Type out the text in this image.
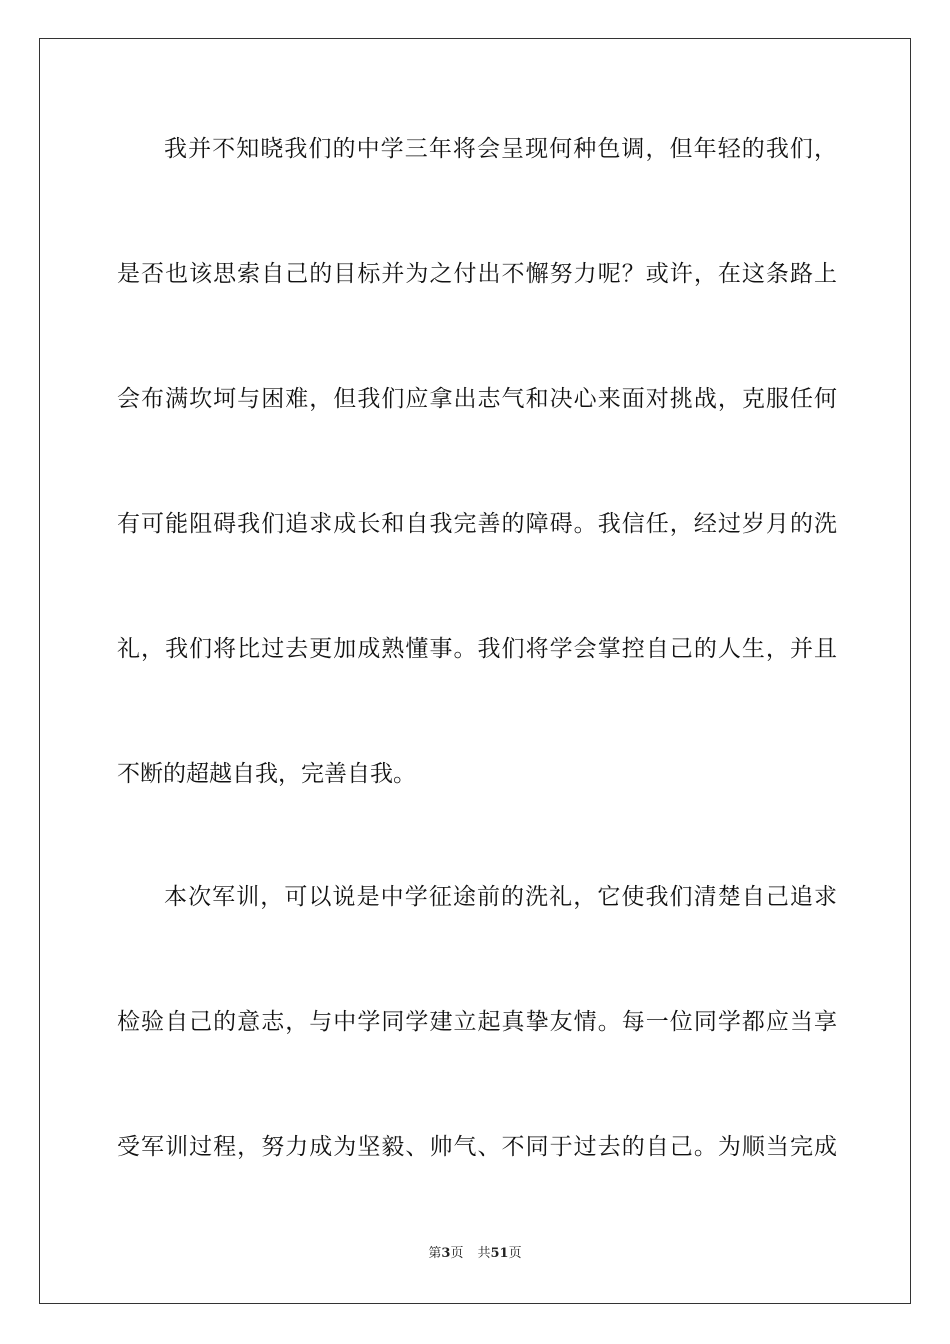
我并不知晓我们的中学三年将会呈现何种色调，但年轻的我们，
是否也该思索自己的目标并为之付出不懈努力呢？或许，在这条路上
会布满坎坷与困难，但我们应拿出志气和决心来面对挑战，克服任何
有可能阻碍我们追求成长和自我完善的障碍。我信任，经过岁月的洗
礼，我们将比过去更加成熟懂事。我们将学会掌控自己的人生，并且
不断的超越自我，完善自我。
本次军训，可以说是中学征途前的洗礼，它使我们清楚自己追求
检验自己的意志，与中学同学建立起真挚友情。每一位同学都应当享
受军训过程，努力成为坚毅、帅气、不同于过去的自己。为顺当完成
第3页 共51页
